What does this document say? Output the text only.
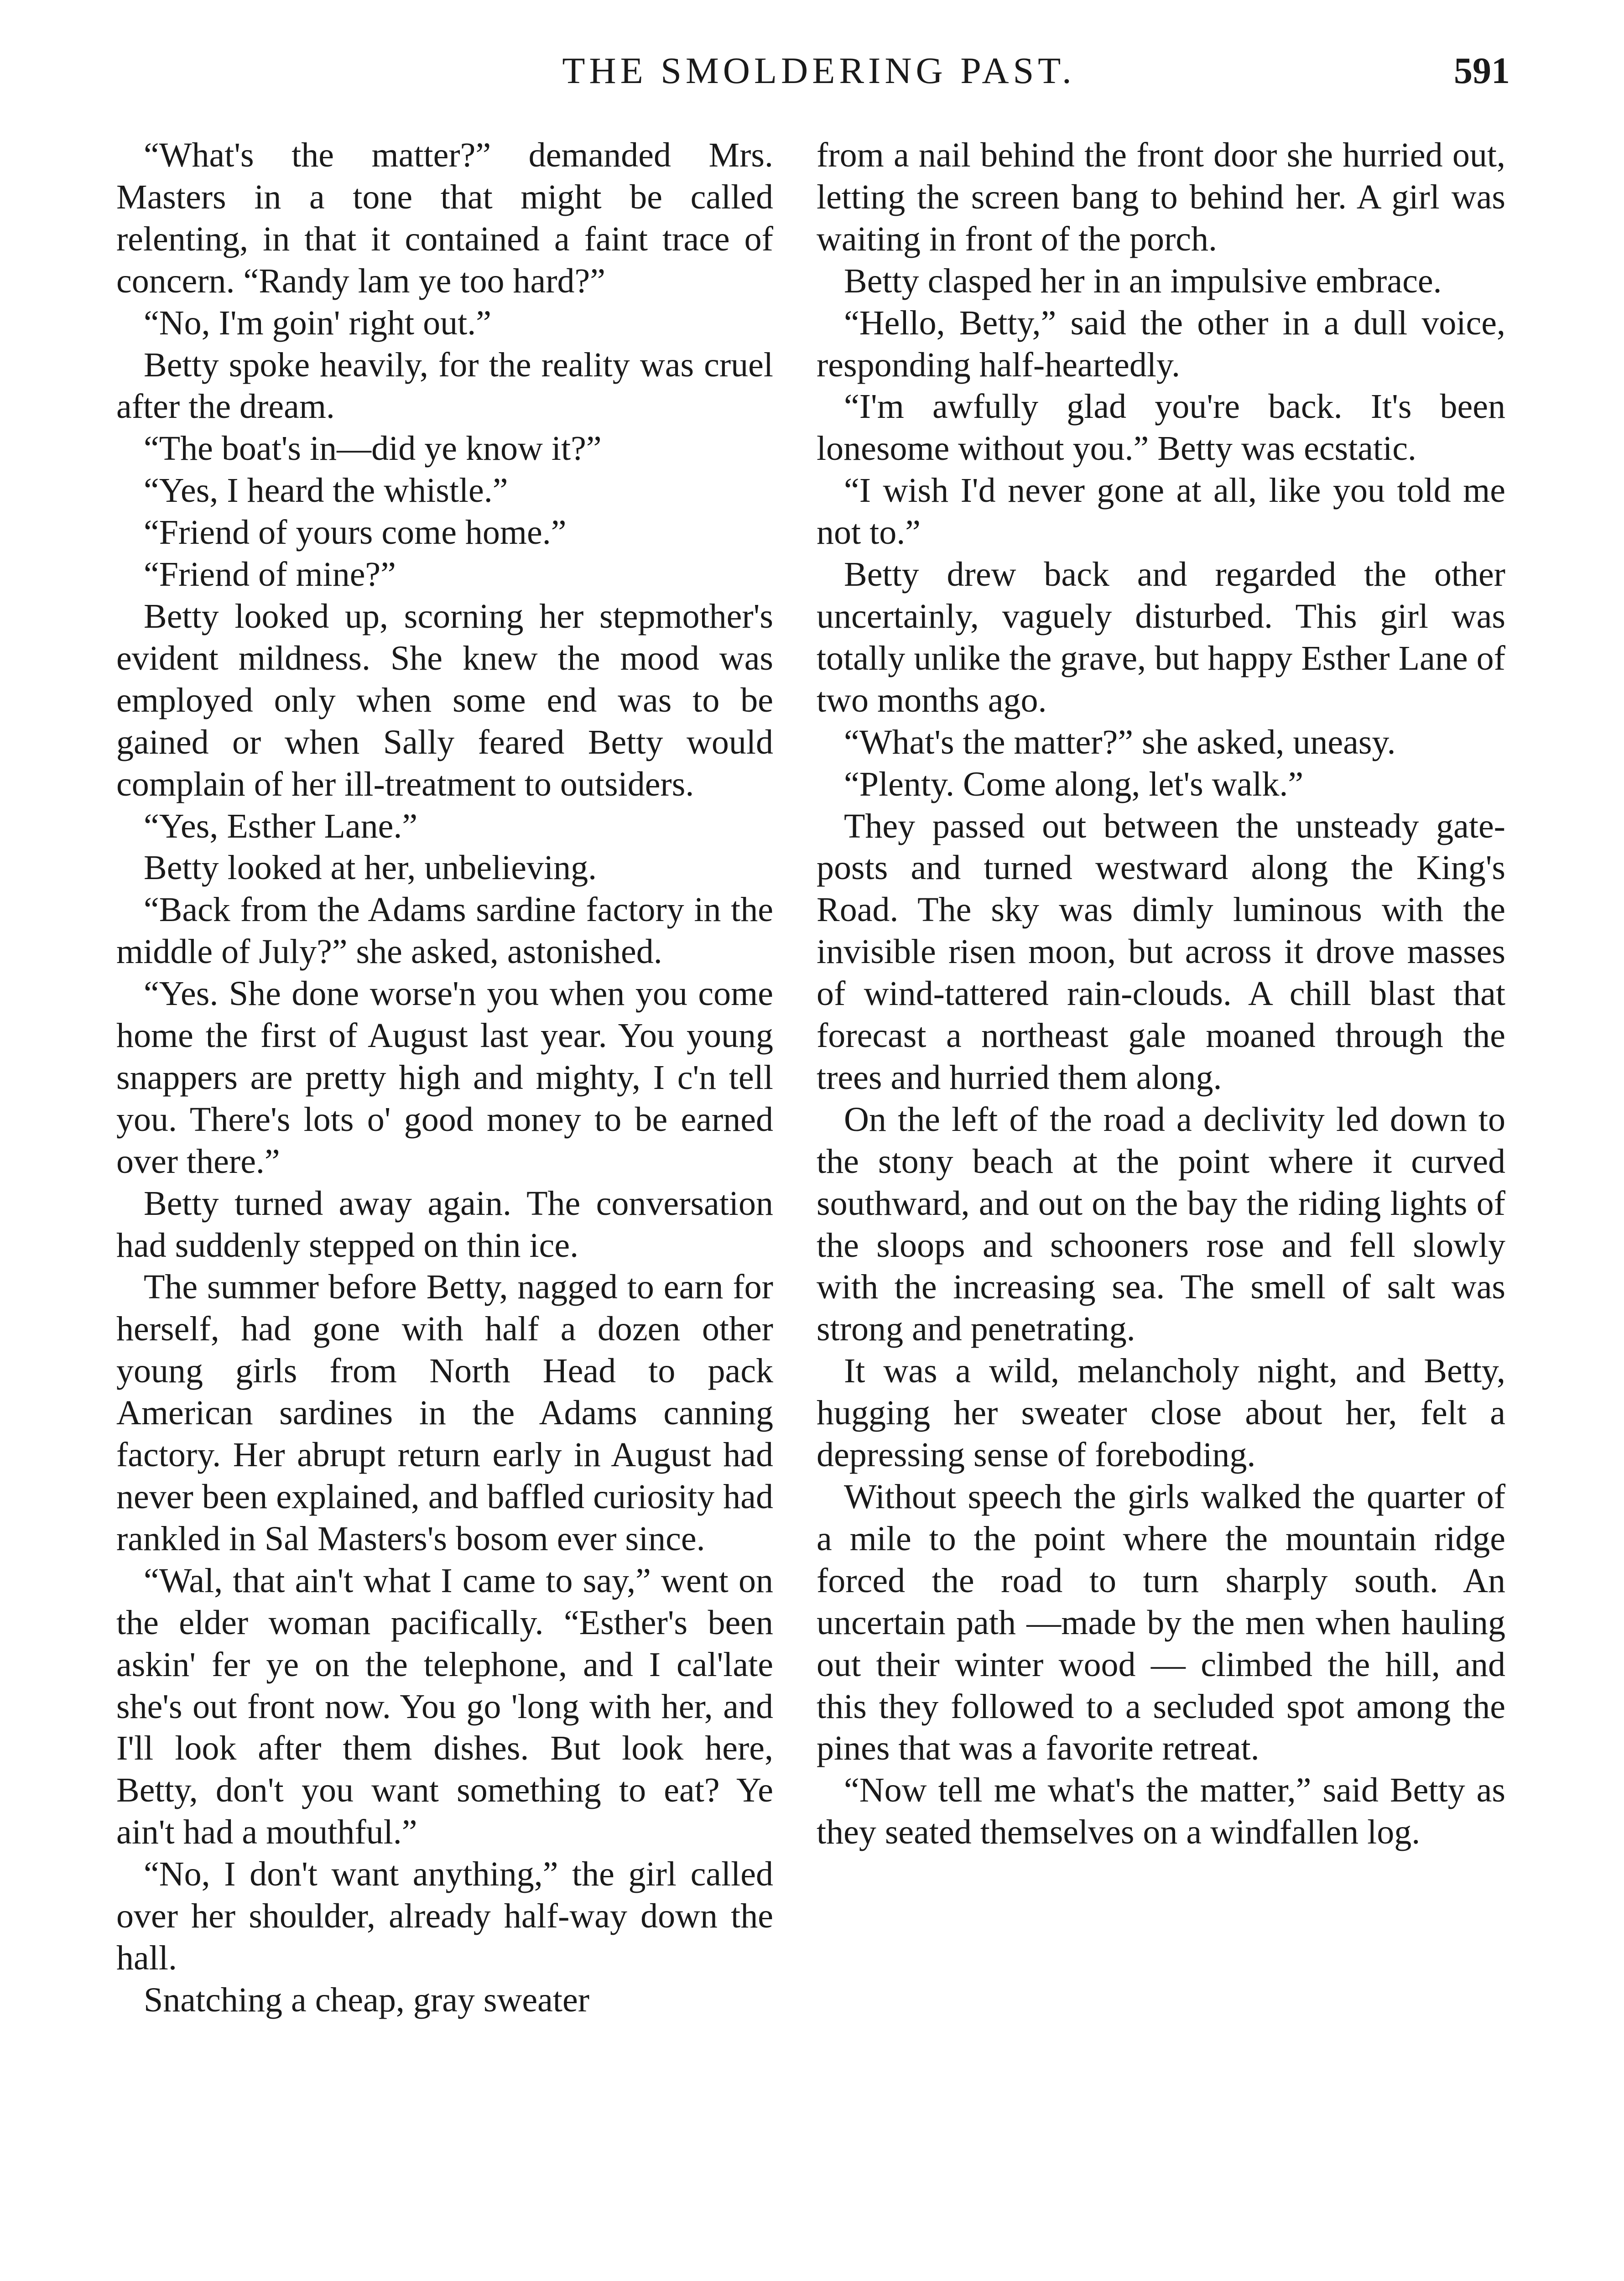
THE SMOLDERING PAST.	591

“What's the matter?” demanded Mrs. Masters in a tone that might be called relenting, in that it contained a faint trace of concern. “Randy lam ye too hard?”

“No, I'm goin' right out.”

Betty spoke heavily, for the reality was cruel after the dream.

“The boat's in—did ye know it?”

“Yes, I heard the whistle.”

“Friend of yours come home.”

“Friend of mine?”

Betty looked up, scorning her stepmother's evident mildness. She knew the mood was employed only when some end was to be gained or when Sally feared Betty would complain of her ill-treatment to outsiders.

“Yes, Esther Lane.”

Betty looked at her, unbelieving.

“Back from the Adams sardine factory in the middle of July?” she asked, astonished.

“Yes. She done worse'n you when you come home the first of August last year. You young snappers are pretty high and mighty, I c'n tell you. There's lots o' good money to be earned over there.”

Betty turned away again. The conversation had suddenly stepped on thin ice.

The summer before Betty, nagged to earn for herself, had gone with half a dozen other young girls from North Head to pack American sardines in the Adams canning factory. Her abrupt return early in August had never been explained, and baffled curiosity had rankled in Sal Masters's bosom ever since.

“Wal, that ain't what I came to say,” went on the elder woman pacifically. “Esther's been askin' fer ye on the telephone, and I cal'late she's out front now. You go 'long with her, and I'll look after them dishes. But look here, Betty, don't you want something to eat? Ye ain't had a mouthful.”

“No, I don't want anything,” the girl called over her shoulder, already half-way down the hall.

Snatching a cheap, gray sweater

from a nail behind the front door she hurried out, letting the screen bang to behind her. A girl was waiting in front of the porch.

Betty clasped her in an impulsive embrace.

“Hello, Betty,” said the other in a dull voice, responding half-heartedly.

“I'm awfully glad you're back. It's been lonesome without you.” Betty was ecstatic.

“I wish I'd never gone at all, like you told me not to.”

Betty drew back and regarded the other uncertainly, vaguely disturbed. This girl was totally unlike the grave, but happy Esther Lane of two months ago.

“What's the matter?” she asked, uneasy.

“Plenty. Come along, let's walk.”

They passed out between the unsteady gate-posts and turned westward along the King's Road. The sky was dimly luminous with the invisible risen moon, but across it drove masses of wind-tattered rain-clouds. A chill blast that forecast a northeast gale moaned through the trees and hurried them along.

On the left of the road a declivity led down to the stony beach at the point where it curved southward, and out on the bay the riding lights of the sloops and schooners rose and fell slowly with the increasing sea. The smell of salt was strong and penetrating.

It was a wild, melancholy night, and Betty, hugging her sweater close about her, felt a depressing sense of foreboding.

Without speech the girls walked the quarter of a mile to the point where the mountain ridge forced the road to turn sharply south. An uncertain path —made by the men when hauling out their winter wood — climbed the hill, and this they followed to a secluded spot among the pines that was a favorite retreat.

“Now tell me what's the matter,” said Betty as they seated themselves on a windfallen log.
